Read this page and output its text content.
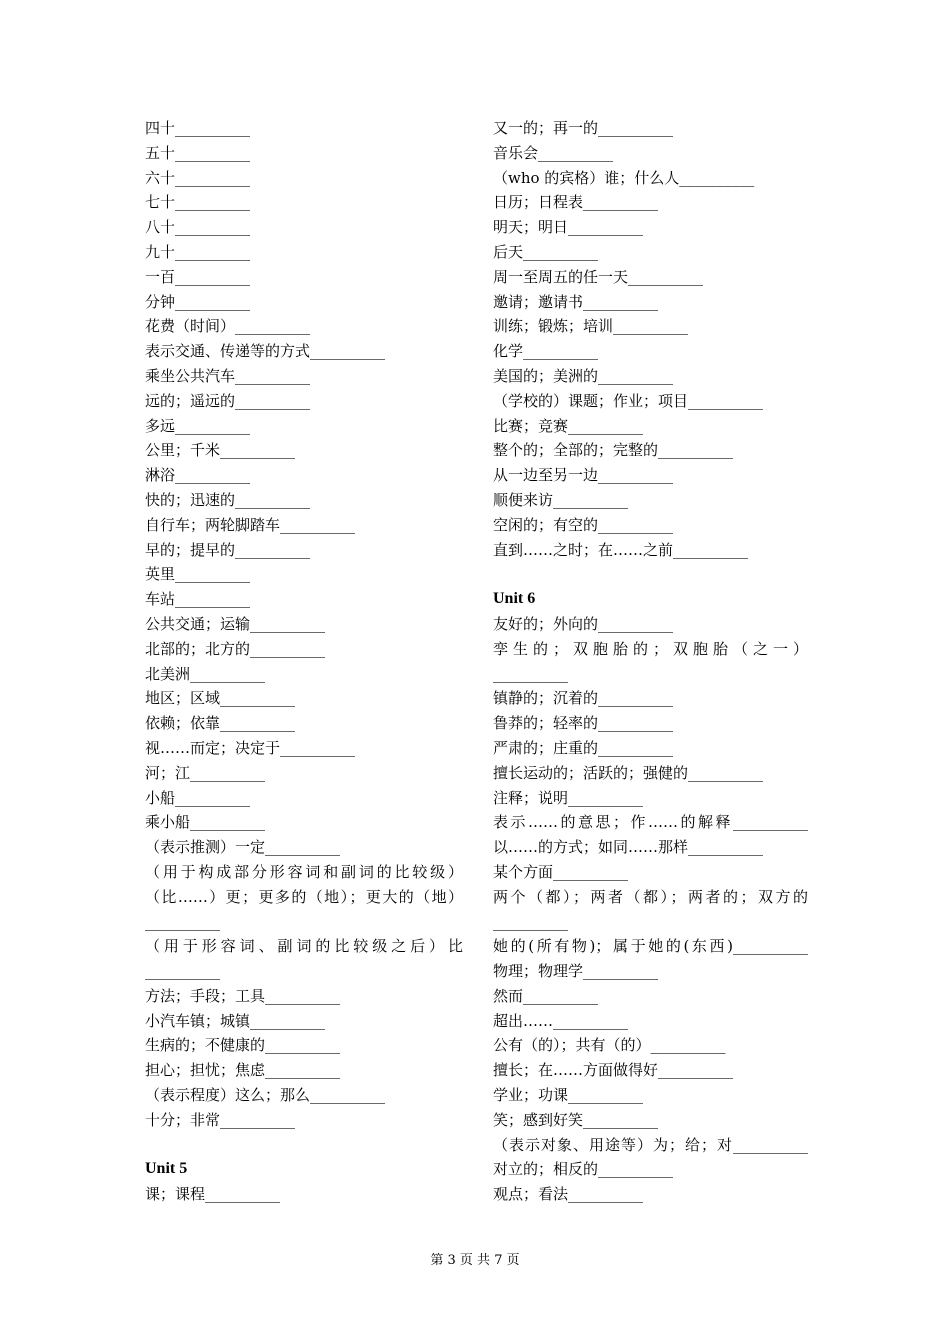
四十__________
五十__________
六十__________
七十__________
八十__________
九十__________
一百__________
分钟__________
花费（时间）__________
表示交通、传递等的方式__________
乘坐公共汽车__________
远的；遥远的__________
多远__________
公里；千米__________
淋浴__________
快的；迅速的__________
自行车；两轮脚踏车__________
早的；提早的__________
英里__________
车站__________
公共交通；运输__________
北部的；北方的__________
北美洲__________
地区；区域__________
依赖；依靠__________
视……而定；决定于__________
河；江__________
小船__________
乘小船__________
（表示推测）一定__________
（用于构成部分形容词和副词的比较级）
（比……）更；更多的（地）；更大的（地）
__________
（用于形容词、副词的比较级之后）比
__________
方法；手段；工具__________
小汽车镇；城镇__________
生病的；不健康的__________
担心；担忧；焦虑__________
（表示程度）这么；那么__________
十分；非常__________
Unit 5
课；课程__________
又一的；再一的__________
音乐会__________
（who 的宾格）谁；什么人__________
日历；日程表__________
明天；明日__________
后天__________
周一至周五的任一天__________
邀请；邀请书__________
训练；锻炼；培训__________
化学__________
美国的；美洲的__________
（学校的）课题；作业；项目__________
比赛；竞赛__________
整个的；全部的；完整的__________
从一边至另一边__________
顺便来访__________
空闲的；有空的__________
直到……之时；在……之前__________
Unit 6
友好的；外向的__________
孪生的；双胞胎的；双胞胎（之一）
__________
镇静的；沉着的__________
鲁莽的；轻率的__________
严肃的；庄重的__________
擅长运动的；活跃的；强健的__________
注释；说明__________
表示……的意思；作……的解释__________
以……的方式；如同……那样__________
某个方面__________
两个（都）；两者（都）；两者的；双方的
__________
她的(所有物)；属于她的(东西)__________
物理；物理学__________
然而__________
超出……__________
公有（的）；共有（的）__________
擅长；在……方面做得好__________
学业；功课__________
笑；感到好笑__________
（表示对象、用途等）为；给；对__________
对立的；相反的__________
观点；看法__________
第 3 页 共 7 页
